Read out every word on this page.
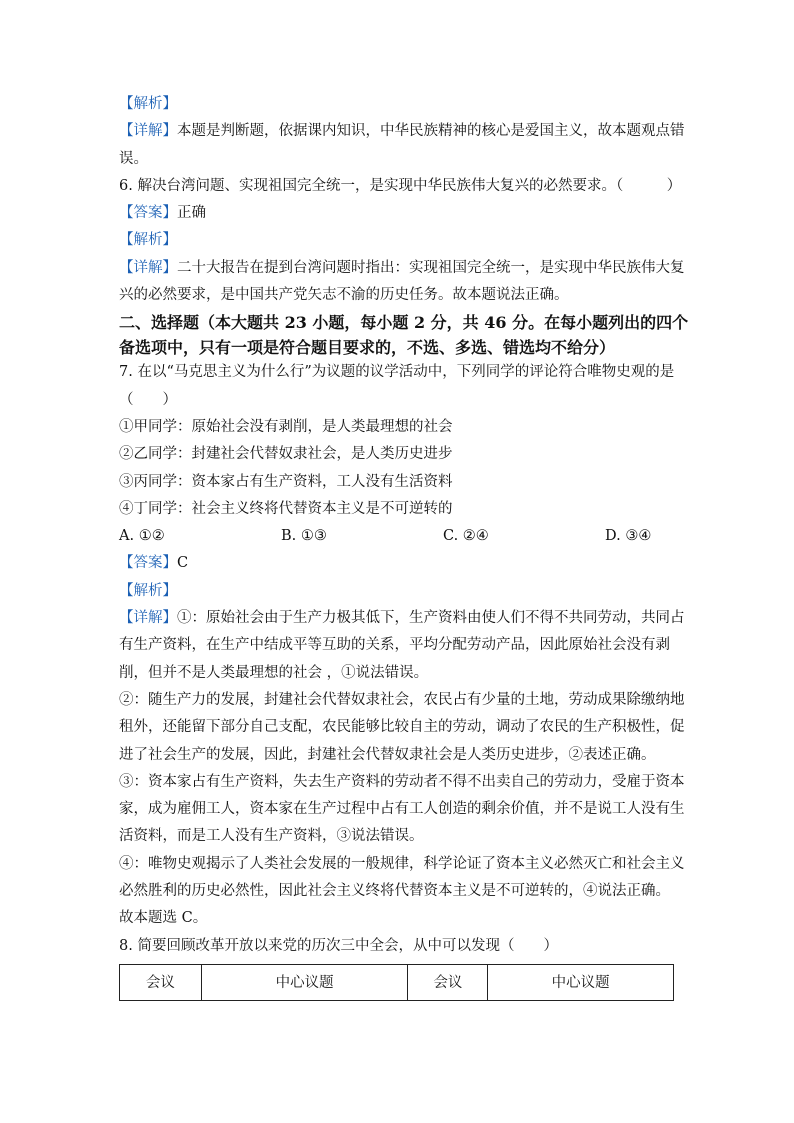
【解析】

【详解】本题是判断题，依据课内知识，中华民族精神的核心是爱国主义，故本题观点错

误。

6. 解决台湾问题、实现祖国完全统一，是实现中华民族伟大复兴的必然要求。（　　　）

【答案】正确

【解析】

【详解】二十大报告在提到台湾问题时指出：实现祖国完全统一，是实现中华民族伟大复

兴的必然要求，是中国共产党矢志不渝的历史任务。故本题说法正确。

二、选择题（本大题共 23 小题，每小题 2 分，共 46 分。在每小题列出的四个

备选项中，只有一项是符合题目要求的，不选、多选、错选均不给分）

7. 在以“马克思主义为什么行”为议题的议学活动中，下列同学的评论符合唯物史观的是

（　　）

①甲同学：原始社会没有剥削，是人类最理想的社会

②乙同学：封建社会代替奴隶社会，是人类历史进步

③丙同学：资本家占有生产资料，工人没有生活资料

④丁同学：社会主义终将代替资本主义是不可逆转的

A. ①②	B. ①③	C. ②④	D. ③④

【答案】C

【解析】

【详解】①：原始社会由于生产力极其低下，生产资料由使人们不得不共同劳动，共同占

有生产资料，在生产中结成平等互助的关系，平均分配劳动产品，因此原始社会没有剥

削，但并不是人类最理想的社会 ，①说法错误。

②：随生产力的发展，封建社会代替奴隶社会，农民占有少量的土地，劳动成果除缴纳地

租外，还能留下部分自己支配，农民能够比较自主的劳动，调动了农民的生产积极性，促

进了社会生产的发展，因此，封建社会代替奴隶社会是人类历史进步，②表述正确。

③：资本家占有生产资料，失去生产资料的劳动者不得不出卖自己的劳动力，受雇于资本

家，成为雇佣工人，资本家在生产过程中占有工人创造的剩余价值，并不是说工人没有生

活资料，而是工人没有生产资料，③说法错误。

④：唯物史观揭示了人类社会发展的一般规律，科学论证了资本主义必然灭亡和社会主义

必然胜利的历史必然性，因此社会主义终将代替资本主义是不可逆转的，④说法正确。

故本题选 C。

8. 简要回顾改革开放以来党的历次三中全会，从中可以发现（　　）

会议	中心议题	会议	中心议题
